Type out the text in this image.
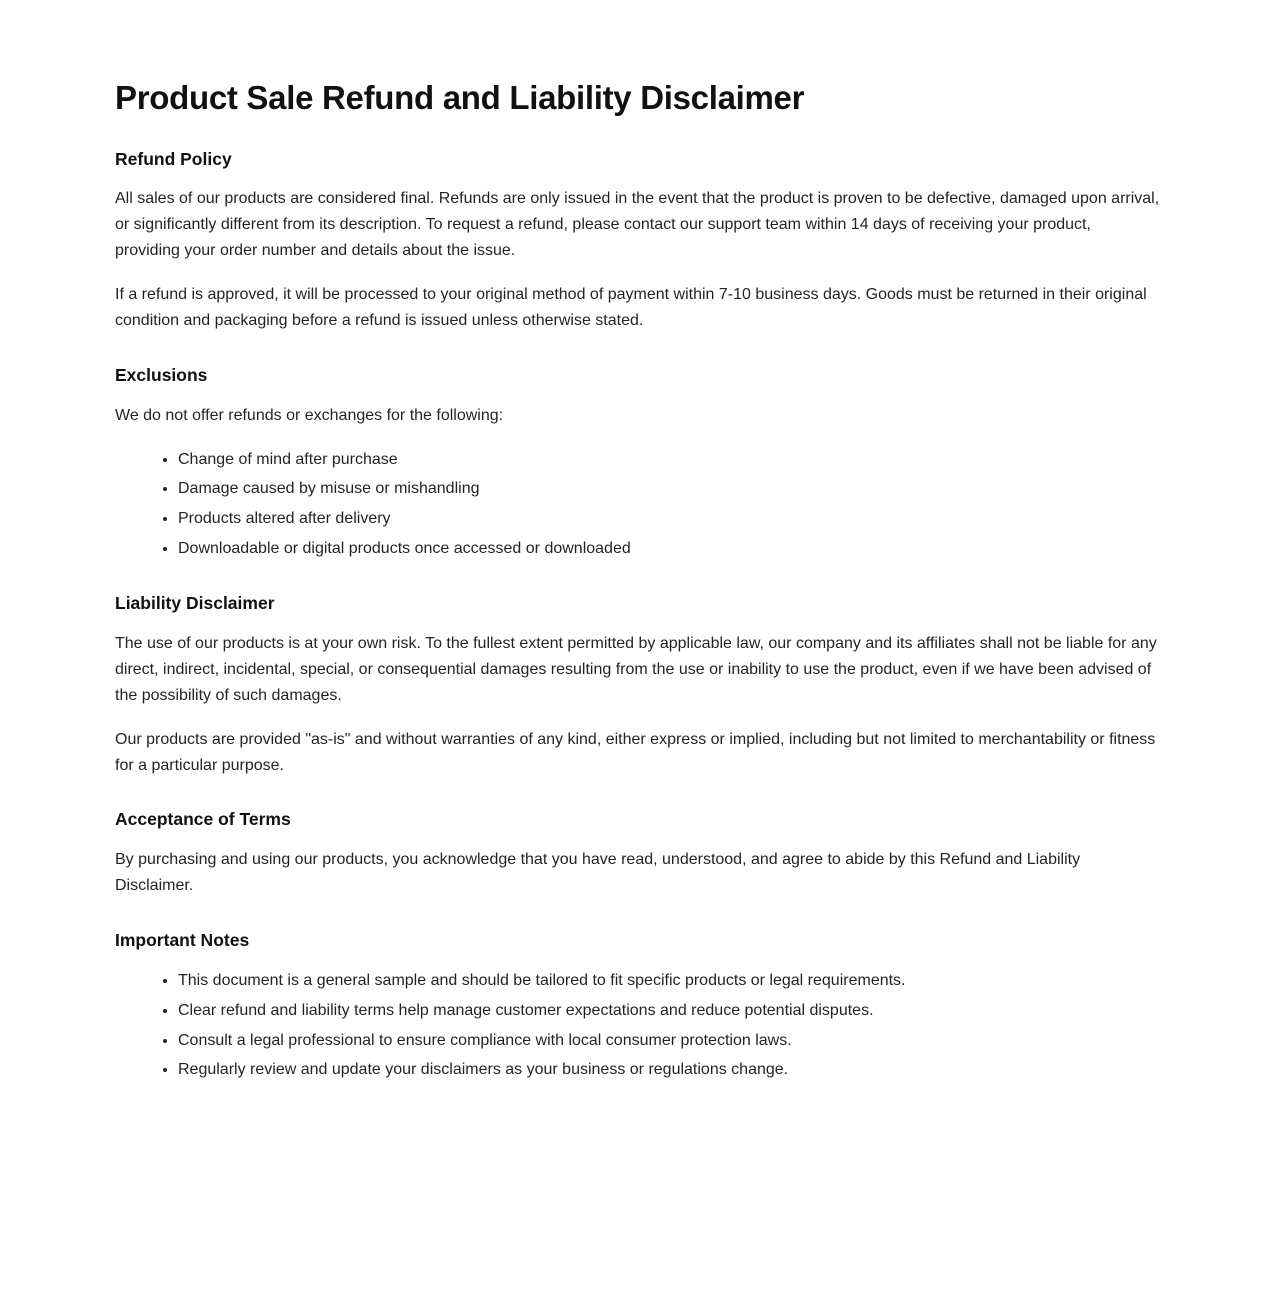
Product Sale Refund and Liability Disclaimer
Refund Policy

All sales of our products are considered final. Refunds are only issued in the event that the product is proven to be defective, damaged upon arrival, or significantly different from its description. To request a refund, please contact our support team within 14 days of receiving your product, providing your order number and details about the issue.

If a refund is approved, it will be processed to your original method of payment within 7-10 business days. Goods must be returned in their original condition and packaging before a refund is issued unless otherwise stated.

Exclusions

We do not offer refunds or exchanges for the following:

• Change of mind after purchase
• Damage caused by misuse or mishandling
• Products altered after delivery
• Downloadable or digital products once accessed or downloaded
Liability Disclaimer

The use of our products is at your own risk. To the fullest extent permitted by applicable law, our company and its affiliates shall not be liable for any direct, indirect, incidental, special, or consequential damages resulting from the use or inability to use the product, even if we have been advised of the possibility of such damages.

Our products are provided "as-is" and without warranties of any kind, either express or implied, including but not limited to merchantability or fitness for a particular purpose.

Acceptance of Terms

By purchasing and using our products, you acknowledge that you have read, understood, and agree to abide by this Refund and Liability Disclaimer.

Important Notes
• This document is a general sample and should be tailored to fit specific products or legal requirements.
• Clear refund and liability terms help manage customer expectations and reduce potential disputes.
• Consult a legal professional to ensure compliance with local consumer protection laws.
• Regularly review and update your disclaimers as your business or regulations change.
